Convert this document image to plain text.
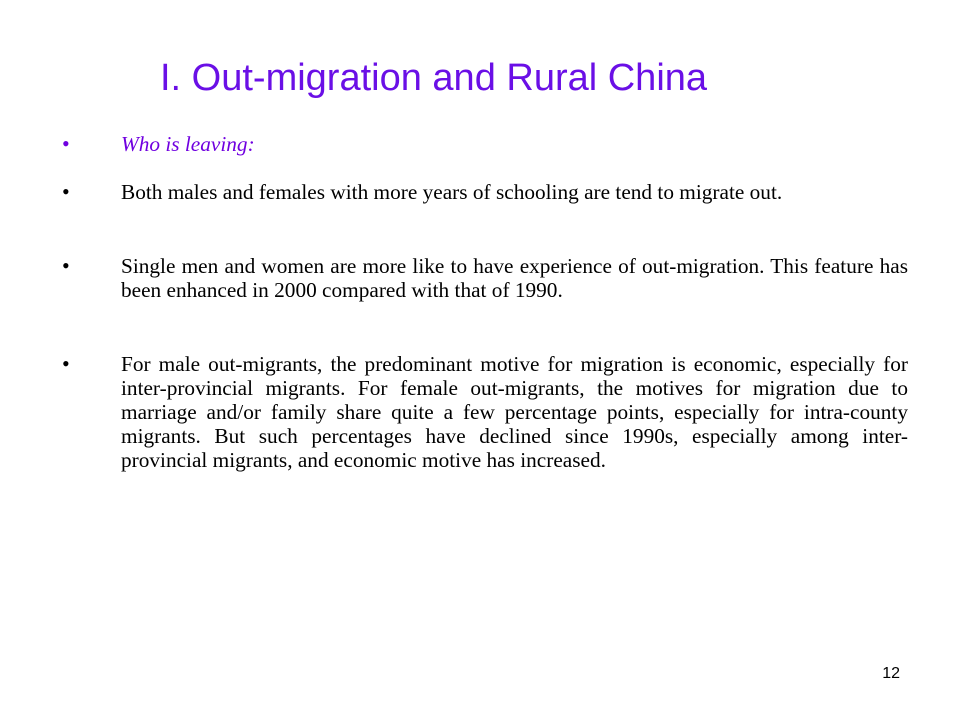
I. Out-migration and Rural China
• Who is leaving:

• Both males and females with more years of schooling are tend to migrate out.

• Single men and women are more like to have experience of out-migration. This feature has been enhanced in 2000 compared with that of 1990.

• For male out-migrants, the predominant motive for migration is economic, especially for inter-provincial migrants. For female out-migrants, the motives for migration due to marriage and/or family share quite a few percentage points, especially for intra-county migrants. But such percentages have declined since 1990s, especially among inter-provincial migrants, and economic motive has increased.

12
